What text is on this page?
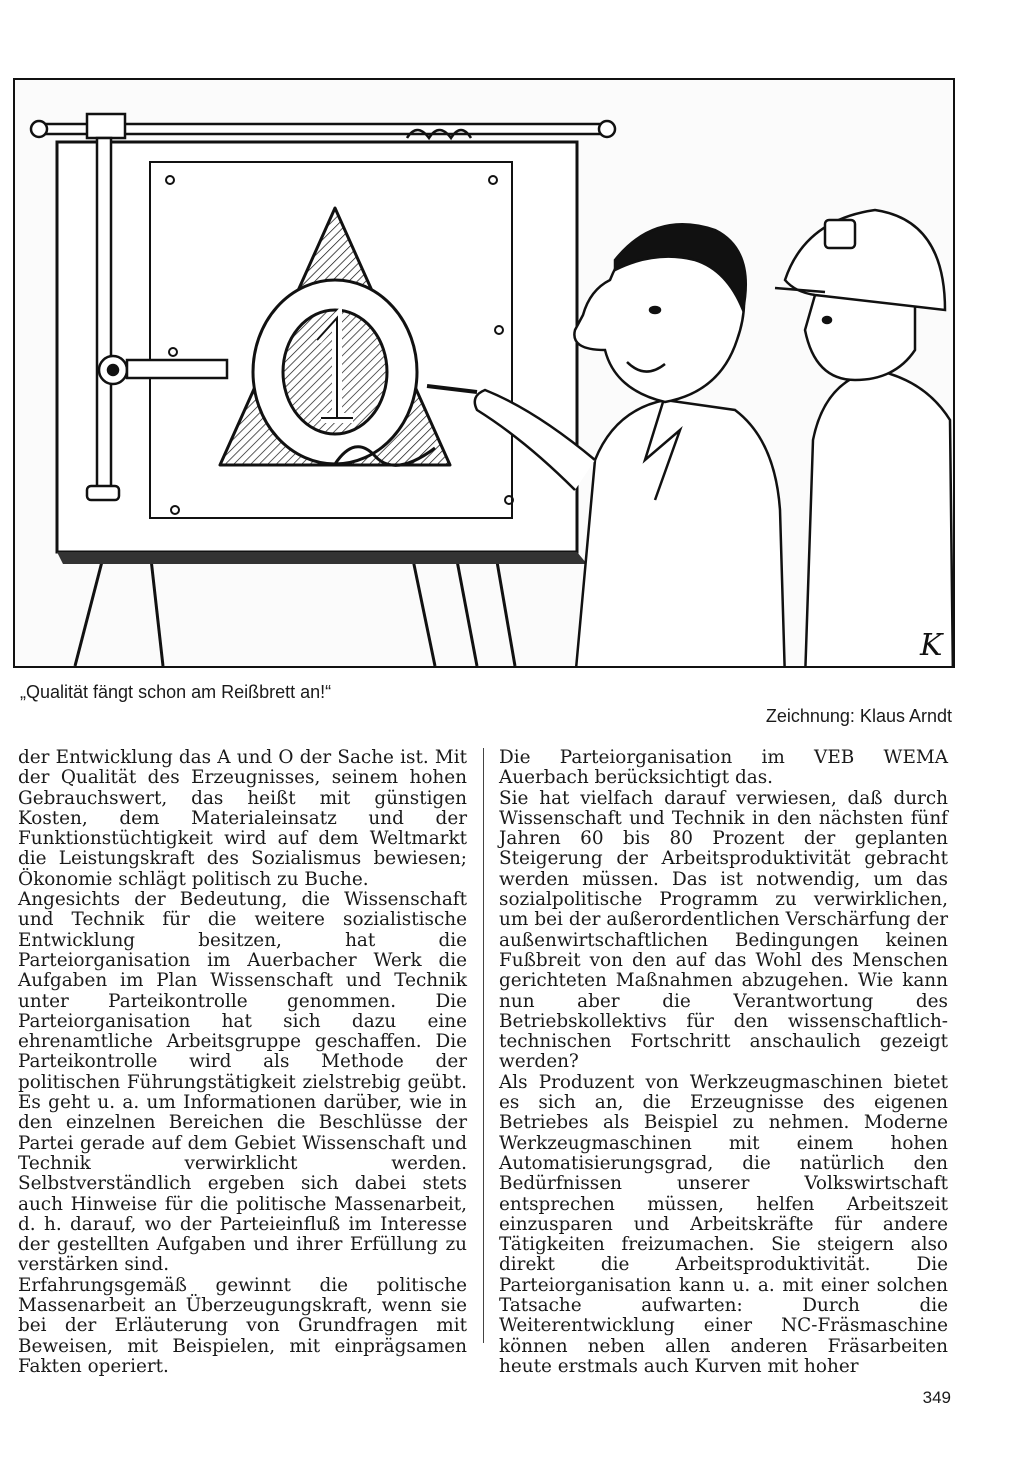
K

„Qualität fängt schon am Reißbrett an!“

Zeichnung: Klaus Arndt

der Entwicklung das A und O der Sache ist. Mit der Qualität des Erzeugnisses, seinem hohen Gebrauchswert, das heißt mit günstigen Kosten, dem Materialeinsatz und der Funktionstüchtigkeit wird auf dem Weltmarkt die Leistungskraft des Sozialismus bewiesen; Ökonomie schlägt politisch zu Buche.

Angesichts der Bedeutung, die Wissenschaft und Technik für die weitere sozialistische Entwicklung besitzen, hat die Parteiorganisation im Auerbacher Werk die Aufgaben im Plan Wissenschaft und Technik unter Parteikontrolle genommen. Die Parteiorganisation hat sich dazu eine ehrenamtliche Arbeitsgruppe geschaffen. Die Parteikontrolle wird als Methode der politischen Führungstätigkeit zielstrebig geübt. Es geht u. a. um Informationen darüber, wie in den einzelnen Bereichen die Beschlüsse der Partei gerade auf dem Gebiet Wissenschaft und Technik verwirklicht werden. Selbstverständlich ergeben sich dabei stets auch Hinweise für die politische Massenarbeit, d. h. darauf, wo der Parteieinfluß im Interesse der gestellten Aufgaben und ihrer Erfüllung zu verstärken sind.

Erfahrungsgemäß gewinnt die politische Massenarbeit an Überzeugungskraft, wenn sie bei der Erläuterung von Grundfragen mit Beweisen, mit Beispielen, mit einprägsamen Fakten operiert.

Die Parteiorganisation im VEB WEMA Auerbach berücksichtigt das.

Sie hat vielfach darauf verwiesen, daß durch Wissenschaft und Technik in den nächsten fünf Jahren 60 bis 80 Prozent der geplanten Steigerung der Arbeitsproduktivität gebracht werden müssen. Das ist notwendig, um das sozialpolitische Programm zu verwirklichen, um bei der außerordentlichen Verschärfung der außenwirtschaftlichen Bedingungen keinen Fußbreit von den auf das Wohl des Menschen gerichteten Maßnahmen abzugehen. Wie kann nun aber die Verantwortung des Betriebskollektivs für den wissenschaftlich-technischen Fortschritt anschaulich gezeigt werden?

Als Produzent von Werkzeugmaschinen bietet es sich an, die Erzeugnisse des eigenen Betriebes als Beispiel zu nehmen. Moderne Werkzeugmaschinen mit einem hohen Automatisierungsgrad, die natürlich den Bedürfnissen unserer Volkswirtschaft entsprechen müssen, helfen Arbeitszeit einzusparen und Arbeitskräfte für andere Tätigkeiten freizumachen. Sie steigern also direkt die Arbeitsproduktivität. Die Parteiorganisation kann u. a. mit einer solchen Tatsache aufwarten: Durch die Weiterentwicklung einer NC-Fräsmaschine können neben allen anderen Fräsarbeiten heute erstmals auch Kurven mit hoher

349
